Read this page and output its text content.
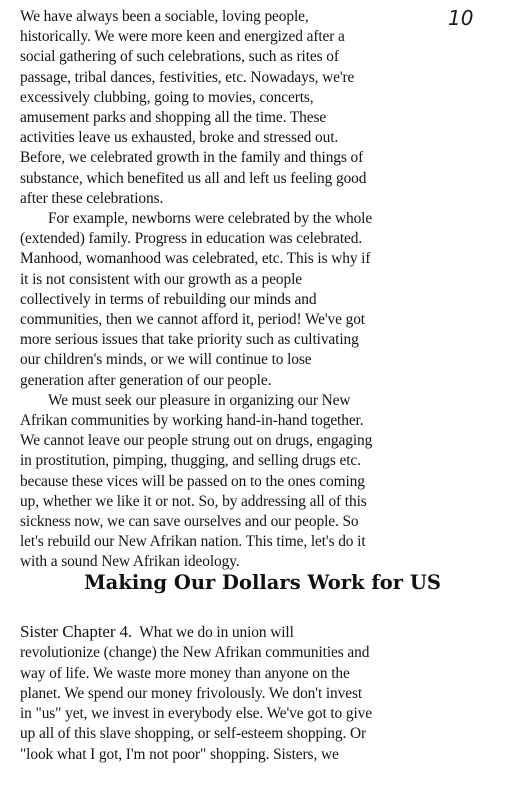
10

We have always been a sociable, loving people,

historically. We were more keen and energized after a

social gathering of such celebrations, such as rites of

passage, tribal dances, festivities, etc. Nowadays, we're

excessively clubbing, going to movies, concerts,

amusement parks and shopping all the time. These

activities leave us exhausted, broke and stressed out.

Before, we celebrated growth in the family and things of

substance, which benefited us all and left us feeling good

after these celebrations.

For example, newborns were celebrated by the whole

(extended) family. Progress in education was celebrated.

Manhood, womanhood was celebrated, etc. This is why if

it is not consistent with our growth as a people

collectively in terms of rebuilding our minds and

communities, then we cannot afford it, period! We've got

more serious issues that take priority such as cultivating

our children's minds, or we will continue to lose

generation after generation of our people.

We must seek our pleasure in organizing our New

Afrikan communities by working hand-in-hand together.

We cannot leave our people strung out on drugs, engaging

in prostitution, pimping, thugging, and selling drugs etc.

because these vices will be passed on to the ones coming

up, whether we like it or not. So, by addressing all of this

sickness now, we can save ourselves and our people. So

let's rebuild our New Afrikan nation. This time, let's do it

with a sound New Afrikan ideology.

Making Our Dollars Work for US

Sister Chapter 4.  What we do in union will

revolutionize (change) the New Afrikan communities and

way of life. We waste more money than anyone on the

planet. We spend our money frivolously. We don't invest

in "us" yet, we invest in everybody else. We've got to give

up all of this slave shopping, or self-esteem shopping. Or

"look what I got, I'm not poor" shopping. Sisters, we
